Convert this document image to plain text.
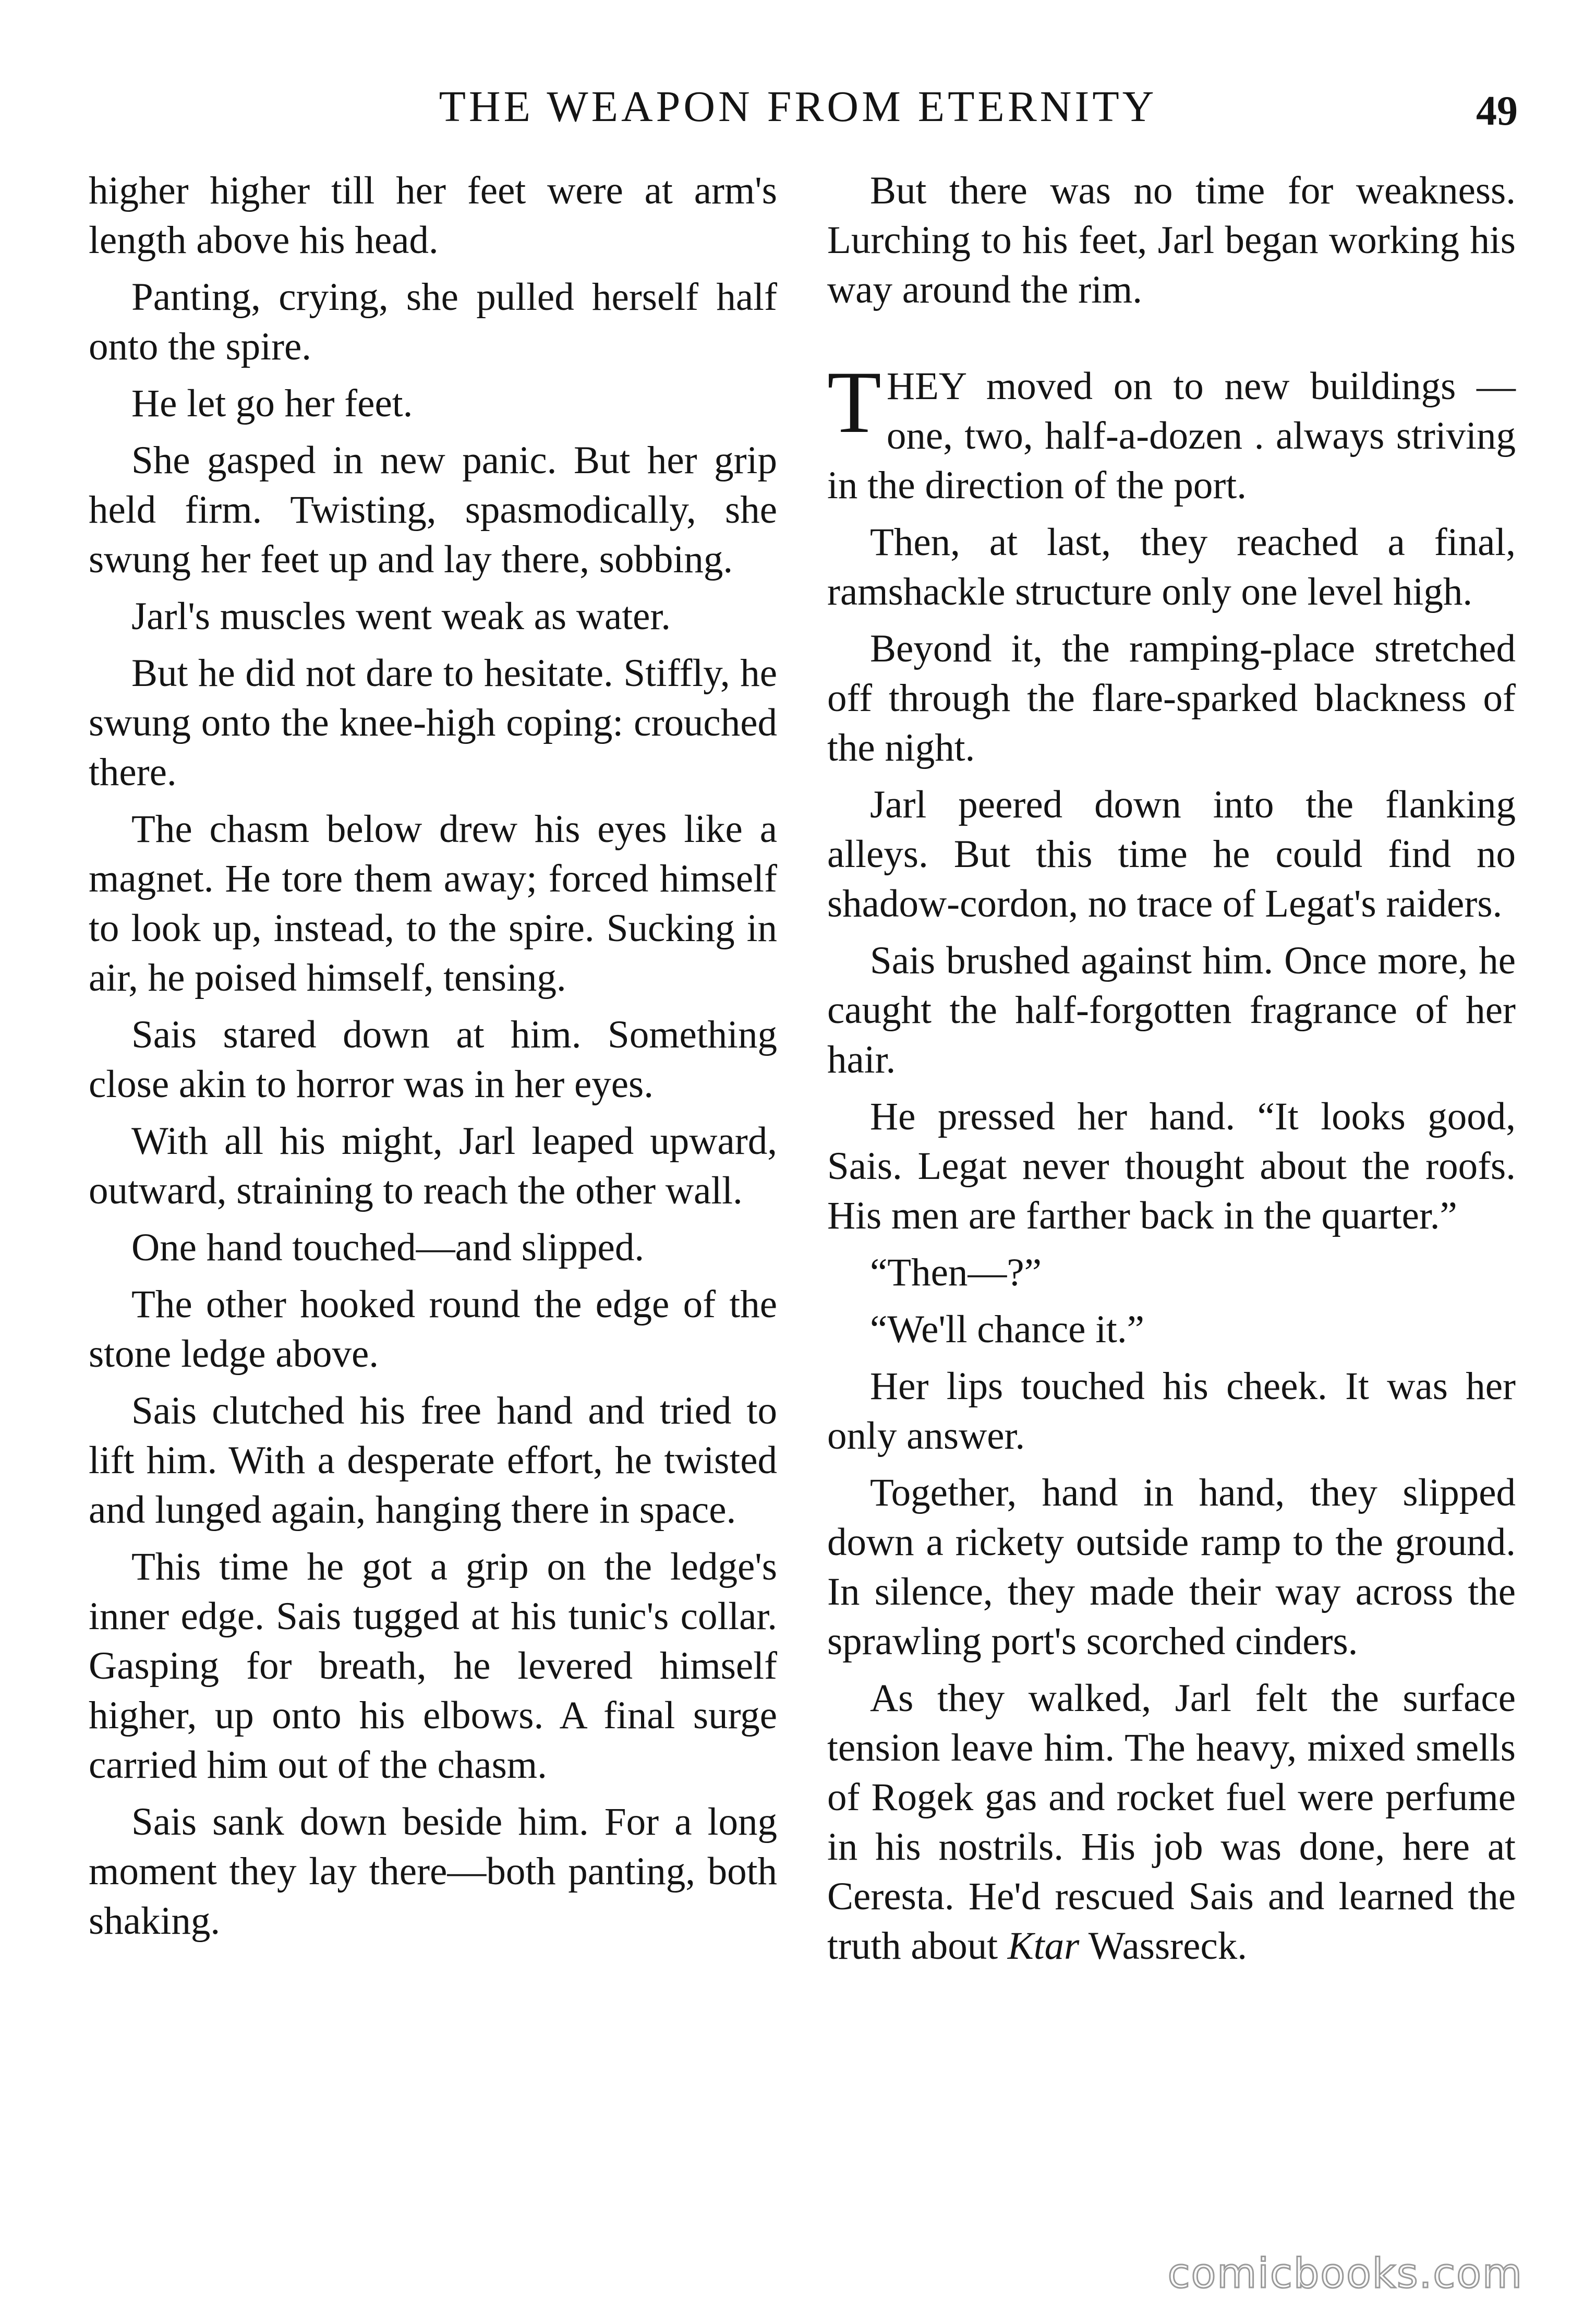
THE WEAPON FROM ETERNITY	49

higher higher till her feet were at arm's length above his head.

Panting, crying, she pulled herself half onto the spire.

He let go her feet.

She gasped in new panic. But her grip held firm. Twisting, spasmodically, she swung her feet up and lay there, sobbing.

Jarl's muscles went weak as water.

But he did not dare to hesitate. Stiffly, he swung onto the knee-high coping: crouched there.

The chasm below drew his eyes like a magnet. He tore them away; forced himself to look up, instead, to the spire. Sucking in air, he poised himself, tensing.

Sais stared down at him. Something close akin to horror was in her eyes.

With all his might, Jarl leaped upward, outward, straining to reach the other wall.

One hand touched—and slipped.

The other hooked round the edge of the stone ledge above.

Sais clutched his free hand and tried to lift him. With a desperate effort, he twisted and lunged again, hanging there in space.

This time he got a grip on the ledge's inner edge. Sais tugged at his tunic's collar. Gasping for breath, he levered himself higher, up onto his elbows. A final surge carried him out of the chasm.

Sais sank down beside him. For a long moment they lay there—both panting, both shaking.

But there was no time for weakness. Lurching to his feet, Jarl began working his way around the rim.

THEY moved on to new buildings —one, two, half-a-dozen . always striving in the direction of the port.

Then, at last, they reached a final, ramshackle structure only one level high.

Beyond it, the ramping-place stretched off through the flare-sparked blackness of the night.

Jarl peered down into the flanking alleys. But this time he could find no shadow-cordon, no trace of Legat's raiders.

Sais brushed against him. Once more, he caught the half-forgotten fragrance of her hair.

He pressed her hand. “It looks good, Sais. Legat never thought about the roofs. His men are farther back in the quarter.”

“Then—?”

“We'll chance it.”

Her lips touched his cheek. It was her only answer.

Together, hand in hand, they slipped down a rickety outside ramp to the ground. In silence, they made their way across the sprawling port's scorched cinders.

As they walked, Jarl felt the surface tension leave him. The heavy, mixed smells of Rogek gas and rocket fuel were perfume in his nostrils. His job was done, here at Ceresta. He'd rescued Sais and learned the truth about Ktar Wassreck.

comicbooks.com
